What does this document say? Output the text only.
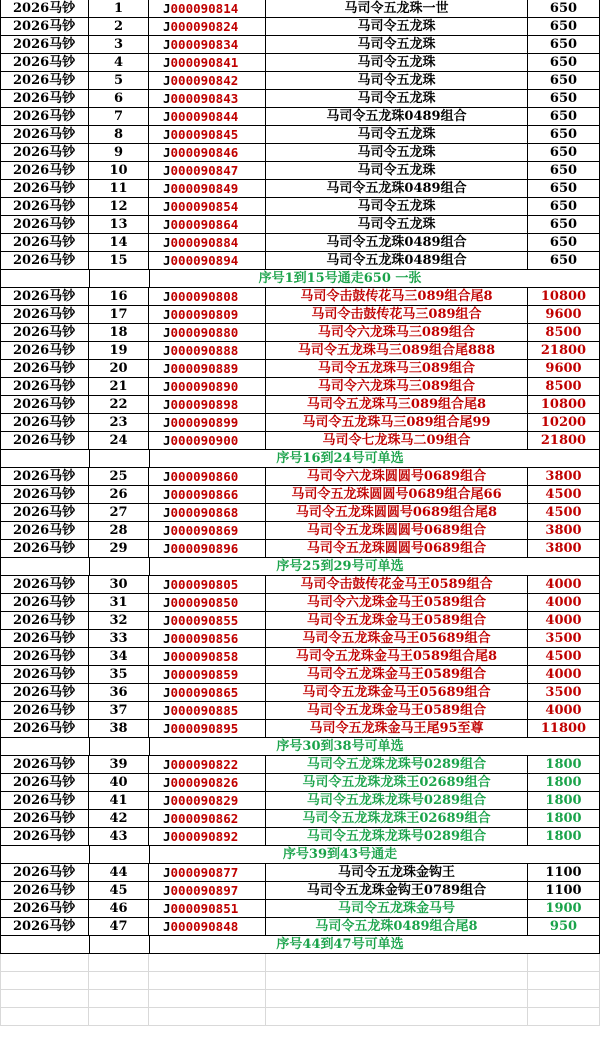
2026马钞	1	J000090814	马司令五龙珠一世	650
2026马钞	2	J000090824	马司令五龙珠	650
2026马钞	3	J000090834	马司令五龙珠	650
2026马钞	4	J000090841	马司令五龙珠	650
2026马钞	5	J000090842	马司令五龙珠	650
2026马钞	6	J000090843	马司令五龙珠	650
2026马钞	7	J000090844	马司令五龙珠0489组合	650
2026马钞	8	J000090845	马司令五龙珠	650
2026马钞	9	J000090846	马司令五龙珠	650
2026马钞	10	J000090847	马司令五龙珠	650
2026马钞	11	J000090849	马司令五龙珠0489组合	650
2026马钞	12	J000090854	马司令五龙珠	650
2026马钞	13	J000090864	马司令五龙珠	650
2026马钞	14	J000090884	马司令五龙珠0489组合	650
2026马钞	15	J000090894	马司令五龙珠0489组合	650
序号1到15号通走650 一张
2026马钞	16	J000090808	马司令击鼓传花马三089组合尾8	10800
2026马钞	17	J000090809	马司令击鼓传花马三089组合	9600
2026马钞	18	J000090880	马司令六龙珠马三089组合	8500
2026马钞	19	J000090888	马司令五龙珠马三089组合尾888	21800
2026马钞	20	J000090889	马司令五龙珠马三089组合	9600
2026马钞	21	J000090890	马司令六龙珠马三089组合	8500
2026马钞	22	J000090898	马司令五龙珠马三089组合尾8	10800
2026马钞	23	J000090899	马司令五龙珠马三089组合尾99	10200
2026马钞	24	J000090900	马司令七龙珠马二09组合	21800
序号16到24号可单选
2026马钞	25	J000090860	马司令六龙珠圆圆号0689组合	3800
2026马钞	26	J000090866	马司令五龙珠圆圆号0689组合尾66	4500
2026马钞	27	J000090868	马司令五龙珠圆圆号0689组合尾8	4500
2026马钞	28	J000090869	马司令五龙珠圆圆号0689组合	3800
2026马钞	29	J000090896	马司令五龙珠圆圆号0689组合	3800
序号25到29号可单选
2026马钞	30	J000090805	马司令击鼓传花金马王0589组合	4000
2026马钞	31	J000090850	马司令六龙珠金马王0589组合	4000
2026马钞	32	J000090855	马司令五龙珠金马王0589组合	4000
2026马钞	33	J000090856	马司令五龙珠金马王05689组合	3500
2026马钞	34	J000090858	马司令五龙珠金马王0589组合尾8	4500
2026马钞	35	J000090859	马司令五龙珠金马王0589组合	4000
2026马钞	36	J000090865	马司令五龙珠金马王05689组合	3500
2026马钞	37	J000090885	马司令五龙珠金马王0589组合	4000
2026马钞	38	J000090895	马司令五龙珠金马王尾95至尊	11800
序号30到38号可单选
2026马钞	39	J000090822	马司令五龙珠龙珠号0289组合	1800
2026马钞	40	J000090826	马司令五龙珠龙珠王02689组合	1800
2026马钞	41	J000090829	马司令五龙珠龙珠号0289组合	1800
2026马钞	42	J000090862	马司令五龙珠龙珠王02689组合	1800
2026马钞	43	J000090892	马司令五龙珠龙珠号0289组合	1800
序号39到43号通走
2026马钞	44	J000090877	马司令五龙珠金钩王	1100
2026马钞	45	J000090897	马司令五龙珠金钩王0789组合	1100
2026马钞	46	J000090851	马司令五龙珠金马号	1900
2026马钞	47	J000090848	马司令五龙珠0489组合尾8	950
序号44到47号可单选
